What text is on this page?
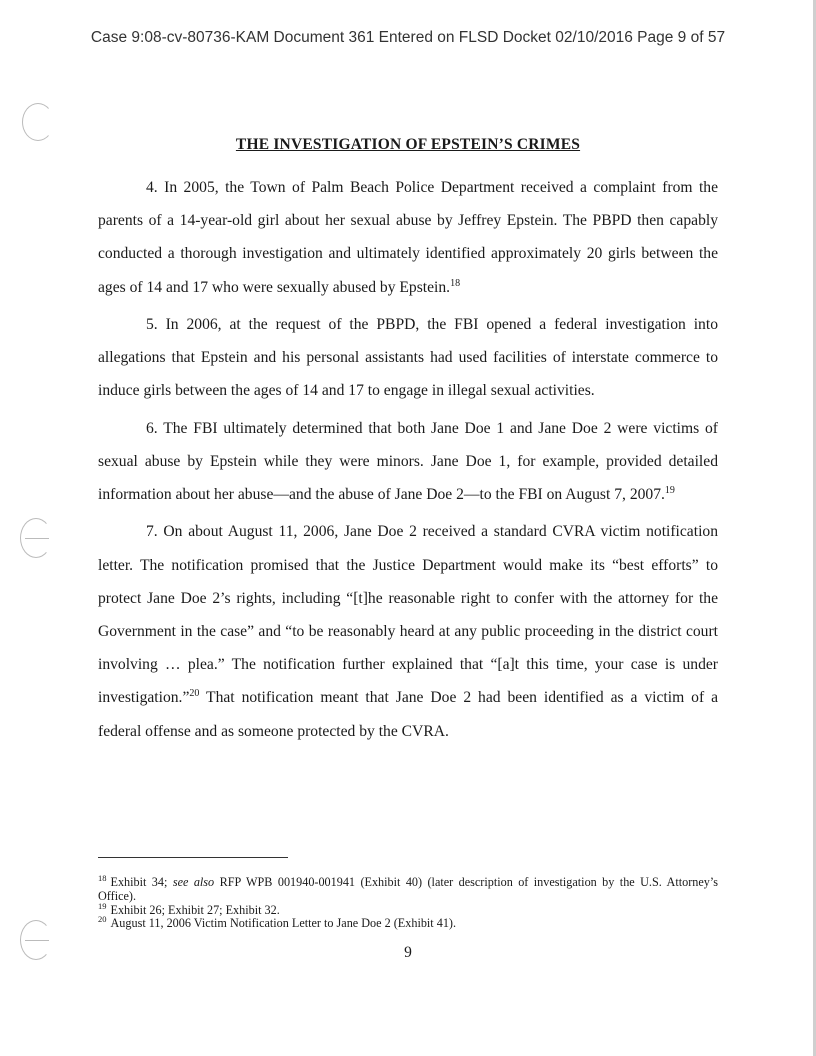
Case 9:08-cv-80736-KAM Document 361 Entered on FLSD Docket 02/10/2016 Page 9 of 57
THE INVESTIGATION OF EPSTEIN’S CRIMES

4. In 2005, the Town of Palm Beach Police Department received a complaint from the parents of a 14-year-old girl about her sexual abuse by Jeffrey Epstein. The PBPD then capably conducted a thorough investigation and ultimately identified approximately 20 girls between the ages of 14 and 17 who were sexually abused by Epstein.$^{18}$

5. In 2006, at the request of the PBPD, the FBI opened a federal investigation into allegations that Epstein and his personal assistants had used facilities of interstate commerce to induce girls between the ages of 14 and 17 to engage in illegal sexual activities.

6. The FBI ultimately determined that both Jane Doe 1 and Jane Doe 2 were victims of sexual abuse by Epstein while they were minors. Jane Doe 1, for example, provided detailed information about her abuse—and the abuse of Jane Doe 2—to the FBI on August 7, 2007.19

7. On about August 11, 2006, Jane Doe 2 received a standard CVRA victim notification letter. The notification promised that the Justice Department would make its “best efforts” to protect Jane Doe 2’s rights, including “[t]he reasonable right to confer with the attorney for the Government in the case” and “to be reasonably heard at any public proceeding in the district court involving … plea.” The notification further explained that “[a]t this time, your case is under investigation.”$^{20}$ That notification meant that Jane Doe 2 had been identified as a victim of a federal offense and as someone protected by the CVRA.

$^{18}$ Exhibit 34; see also RFP WPB 001940-001941 (Exhibit 40) (later description of investigation by the U.S. Attorney’s Office).

$^{19}$ Exhibit 26; Exhibit 27; Exhibit 32.

$^{20}$ August 11, 2006 Victim Notification Letter to Jane Doe 2 (Exhibit 41).

9
